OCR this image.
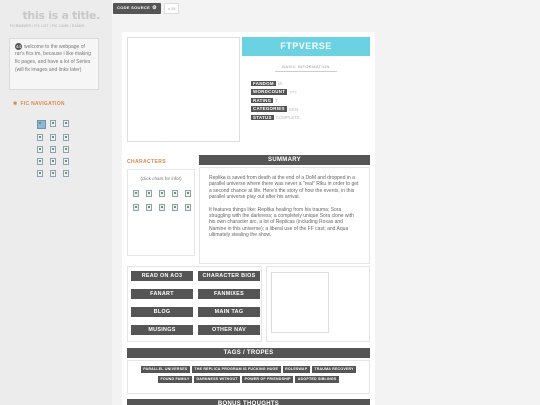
this is a title.
FICRAMMER / FIC LIST / FIC CAMB / EXAMS
44 welcome to the webpage of rar's fics tm, because i like making fic pages, and have a lot of Series (will fix images and links later)
✱ FIC NAVIGATION
CODE SOURCE ⚙	x 18
FTPVERSE
BASIC INFORMATION
FANDOM kh
WORDCOUNT ???
RATING T
CATEGORIES GEN
STATUS COMPLETE
CHARACTERS
(click chars for info!)
SUMMARY

Replika is saved from death at the end of a DoM and dropped in a parallel universe where there was never a "real" Riku in order to get a second chance at life. Here's the story of how the events, in this parallel universe play out after his arrival.

It features things like: Replika healing from his trauma; Sora struggling with the darkness; a completely unique Sora clone with his own character arc, a lot of Replicas (including Roxas and Namine in this universe); a liberal use of the FF cast; and Aqua ultimately stealing the show.

READ ON AO3	CHARACTER BIOS
FANART	FANMIXES
BLOG	MAIN TAG
MUSINGS	OTHER NAV
TAGS / TROPES
PARALLEL UNIVERSES	THE REPLICA PROGRAM IS FUCKING HUGE	ROLESWAP	TRAUMA RECOVERY
FOUND FAMILY	DARKNESS WITHOUT	POWER OF FRIENDSHIP	ADOPTED SIBLINGS
BONUS THOUGHTS
